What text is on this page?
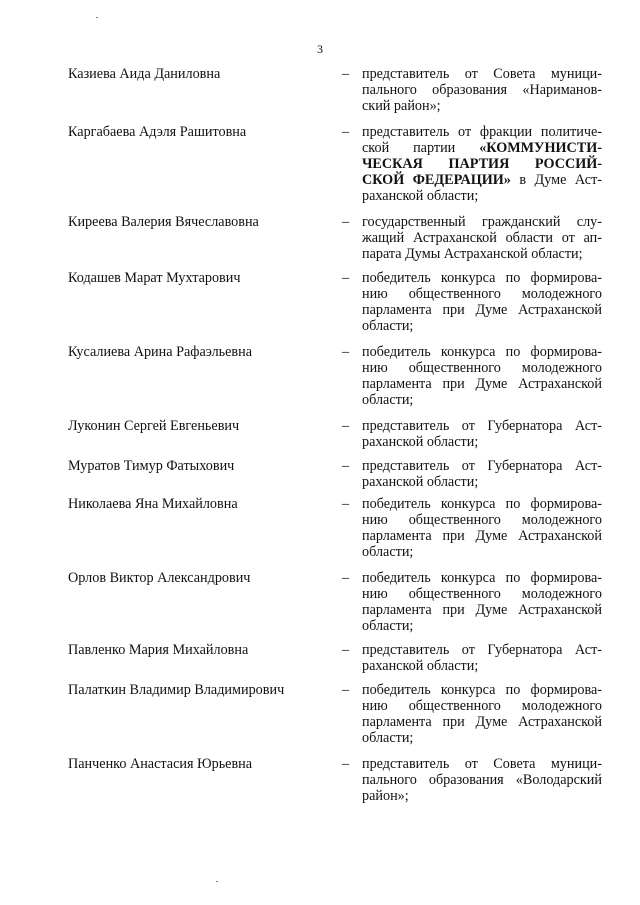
3
Казиева Аида Даниловна	– представитель от Совета муници-
пального образования «Нариманов-
ский район»;
Каргабаева Адэля Рашитовна	– представитель от фракции политиче-
ской партии «КОММУНИСТИ-
ЧЕСКАЯ ПАРТИЯ РОССИЙ-
СКОЙ ФЕДЕРАЦИИ» в Думе Аст-
раханской области;
Киреева Валерия Вячеславовна	– государственный гражданский слу-
жащий Астраханской области от ап-
парата Думы Астраханской области;
Кодашев Марат Мухтарович	– победитель конкурса по формирова-
нию общественного молодежного
парламента при Думе Астраханской
области;
Кусалиева Арина Рафаэльевна	– победитель конкурса по формирова-
нию общественного молодежного
парламента при Думе Астраханской
области;
Луконин Сергей Евгеньевич	– представитель от Губернатора Аст-
раханской области;
Муратов Тимур Фатыхович	– представитель от Губернатора Аст-
раханской области;
Николаева Яна Михайловна	– победитель конкурса по формирова-
нию общественного молодежного
парламента при Думе Астраханской
области;
Орлов Виктор Александрович	– победитель конкурса по формирова-
нию общественного молодежного
парламента при Думе Астраханской
области;
Павленко Мария Михайловна	– представитель от Губернатора Аст-
раханской области;
Палаткин Владимир Владимирович	– победитель конкурса по формирова-
нию общественного молодежного
парламента при Думе Астраханской
области;
Панченко Анастасия Юрьевна	– представитель от Совета муници-
пального образования «Володарский
район»;
